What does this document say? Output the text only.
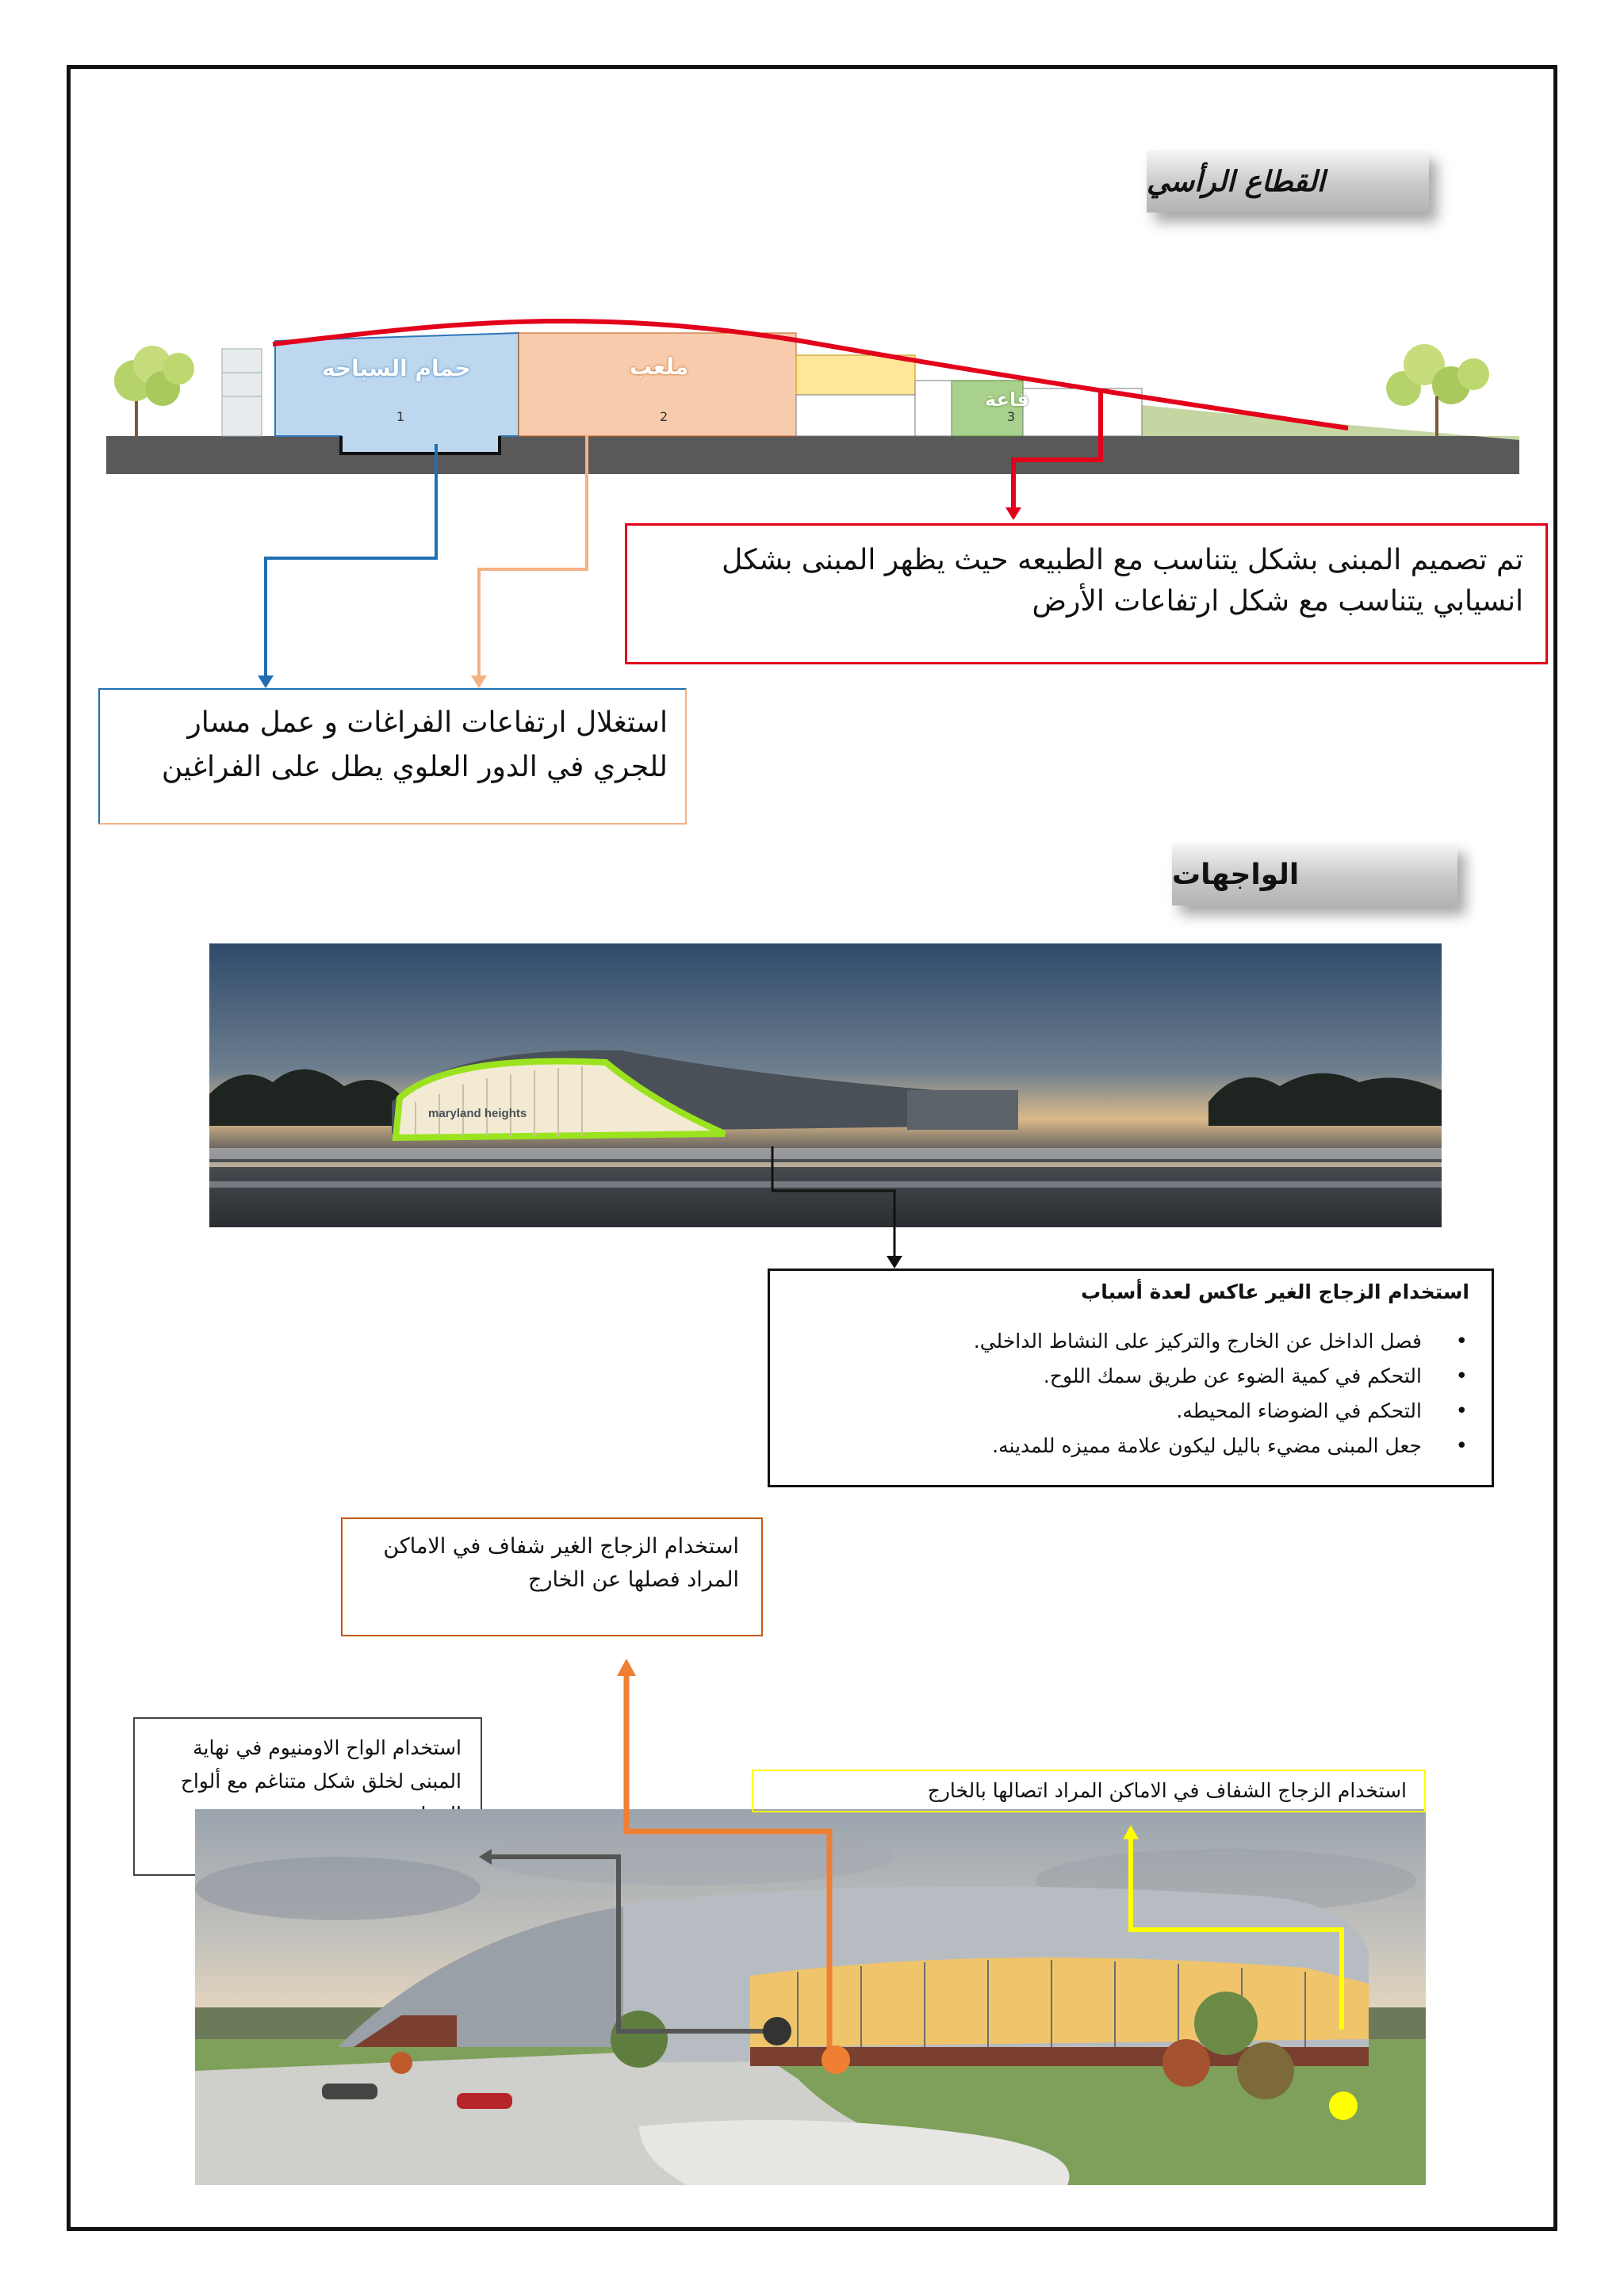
القطاع الرأسي
حمام السباحه	ملعب
قاعة
1	2	3
تم تصميم المبنى بشكل يتناسب مع الطبيعه حيث يظهر المبنى بشكل انسيابي يتناسب مع شكل ارتفاعات الأرض
استغلال ارتفاعات الفراغات و عمل مسار للجري في الدور العلوي يطل على الفراغين
الواجهات
maryland heights
استخدام الزجاج الغير عاكس لعدة أسباب
• فصل الداخل عن الخارج والتركيز على النشاط الداخلي.
• التحكم في كمية الضوء عن طريق سمك اللوح.
• التحكم في الضوضاء المحيطه.
• جعل المبنى مضيء باليل ليكون علامة مميزه للمدينه.
استخدام الزجاج الغير شفاف في الاماكن المراد فصلها عن الخارج
استخدام الواح الاومنيوم في نهاية المبنى لخلق شكل متناغم مع ألواح	استخدام الزجاج الشفاف في الاماكن المراد اتصالها بالخارج
